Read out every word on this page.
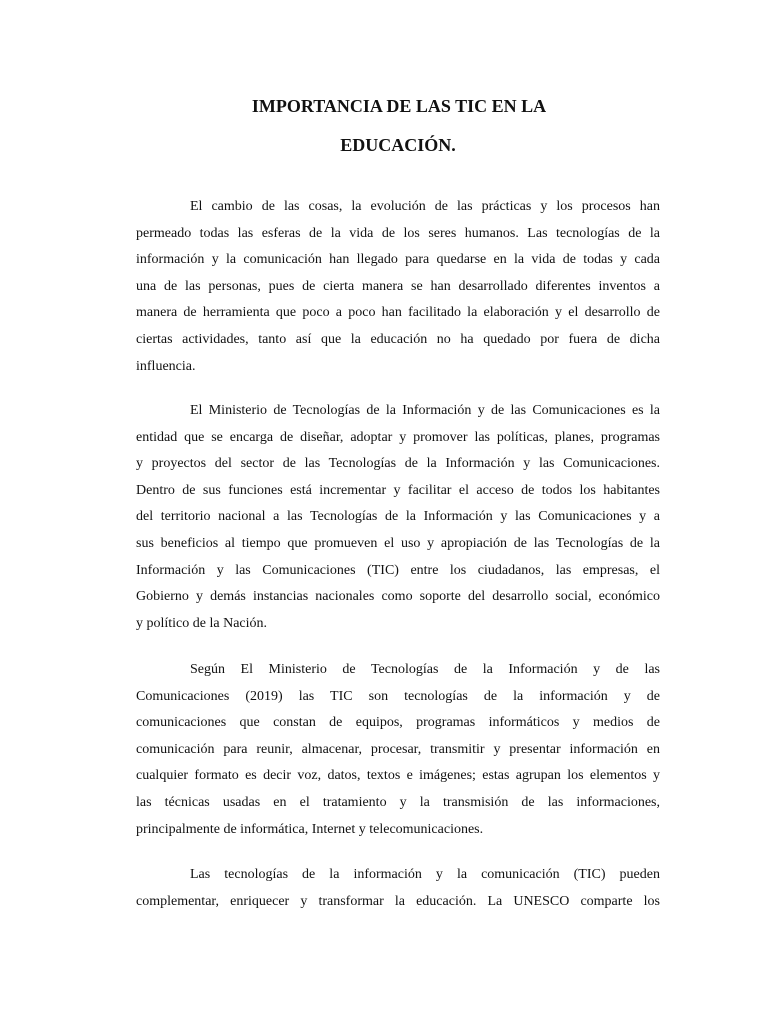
IMPORTANCIA DE LAS TIC EN LA
EDUCACIÓN.
El cambio de las cosas, la evolución de las prácticas y los procesos han
permeado todas las esferas de la vida de los seres humanos. Las tecnologías de la
información y la comunicación han llegado para quedarse en la vida de todas y cada
una de las personas, pues de cierta manera se han desarrollado diferentes inventos a
manera de herramienta que poco a poco han facilitado la elaboración y el desarrollo de
ciertas actividades, tanto así que la educación no ha quedado por fuera de dicha
influencia.
El Ministerio de Tecnologías de la Información y de las Comunicaciones es la
entidad que se encarga de diseñar, adoptar y promover las políticas, planes, programas
y proyectos del sector de las Tecnologías de la Información y las Comunicaciones.
Dentro de sus funciones está incrementar y facilitar el acceso de todos los habitantes
del territorio nacional a las Tecnologías de la Información y las Comunicaciones y a
sus beneficios al tiempo que promueven el uso y apropiación de las Tecnologías de la
Información y las Comunicaciones (TIC) entre los ciudadanos, las empresas, el
Gobierno y demás instancias nacionales como soporte del desarrollo social, económico
y político de la Nación.
Según El Ministerio de Tecnologías de la Información y de las
Comunicaciones (2019) las TIC son tecnologías de la información y de
comunicaciones que constan de equipos, programas informáticos y medios de
comunicación para reunir, almacenar, procesar, transmitir y presentar información en
cualquier formato es decir voz, datos, textos e imágenes; estas agrupan los elementos y
las técnicas usadas en el tratamiento y la transmisión de las informaciones,
principalmente de informática, Internet y telecomunicaciones.
Las tecnologías de la información y la comunicación (TIC) pueden
complementar, enriquecer y transformar la educación. La UNESCO comparte los
